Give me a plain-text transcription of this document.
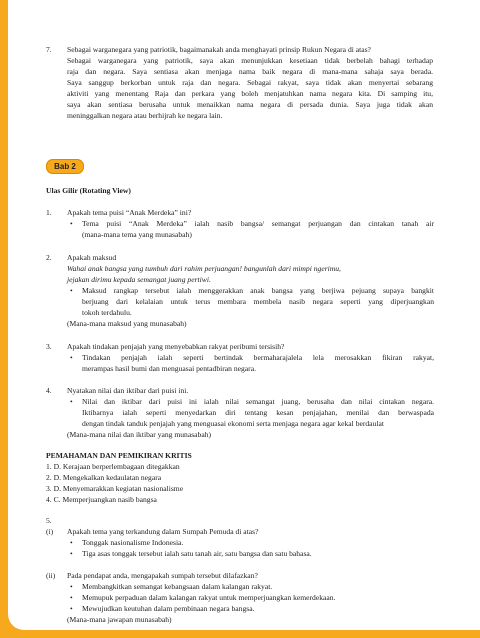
7. Sebagai warganegara yang patriotik, bagaimanakah anda menghayati prinsip Rukun Negara di atas?
Sebagai warganegara yang patriotik, saya akan menunjukkan kesetiaan tidak berbelah bahagi terhadap
raja dan negara. Saya sentiasa akan menjaga nama baik negara di mana-mana sahaja saya berada.
Saya sanggup berkorban untuk raja dan negara. Sebagai rakyat, saya tidak akan menyertai sebarang
aktiviti yang menentang Raja dan perkara yang boleh menjatuhkan nama negara kita. Di samping itu,
saya akan sentiasa berusaha untuk menaikkan nama negara di persada dunia. Saya juga tidak akan
meninggalkan negara atau berhijrah ke negara lain.
Bab 2
Ulas Gilir (Rotating View)
1. Apakah tema puisi “Anak Merdeka” ini?
• Tema puisi “Anak Merdeka” ialah nasib bangsa/ semangat perjuangan dan cintakan tanah air
(mana-mana tema yang munasabah)
2. Apakah maksud
Wahai anak bangsa yang tumbuh dari rahim perjuangan! bangunlah dari mimpi ngerimu,
jejakan dirimu kepada semangat juang pertiwi.
• Maksud rangkap tersebut ialah menggerakkan anak bangsa yang berjiwa pejuang supaya bangkit
berjuang dari kelalaian untuk terus membara membela nasib negara seperti yang diperjuangkan
tokoh terdahulu.
(Mana-mana maksud yang munasabah)
3. Apakah tindakan penjajah yang menyebabkan rakyat peribumi tersisih?
• Tindakan penjajah ialah seperti bertindak bermaharajalela lela merosakkan fikiran rakyat,
merampas hasil bumi dan menguasai pentadbiran negara.
4. Nyatakan nilai dan iktibar dari puisi ini.
• Nilai dan iktibar dari puisi ini ialah nilai semangat juang, berusaha dan nilai cintakan negara.
Iktibarnya ialah seperti menyedarkan diri tentang kesan penjajahan, menilai dan berwaspada
dengan tindak tanduk penjajah yang menguasai ekonomi serta menjaga negara agar kekal berdaulat
(Mana-mana nilai dan iktibar yang munasabah)
PEMAHAMAN DAN PEMIKIRAN KRITIS
1. D. Kerajaan berperlembagaan ditegakkan
2. D. Mengekalkan kedaulatan negara
3. D. Menyemarakkan kegiatan nasionalisme
4. C. Memperjuangkan nasib bangsa
5.
(i) Apakah tema yang terkandung dalam Sumpah Pemuda di atas?
• Tonggak nasionalisme Indonesia.
• Tiga asas tonggak tersebut ialah satu tanah air, satu bangsa dan satu bahasa.
(ii) Pada pendapat anda, mengapakah sumpah tersebut dilafazkan?
• Membangkitkan semangat kebangsaan dalam kalangan rakyat.
• Memupuk perpaduan dalam kalangan rakyat untuk memperjuangkan kemerdekaan.
• Mewujudkan keutuhan dalam pembinaan negara bangsa.
(Mana-mana jawapan munasabah)
